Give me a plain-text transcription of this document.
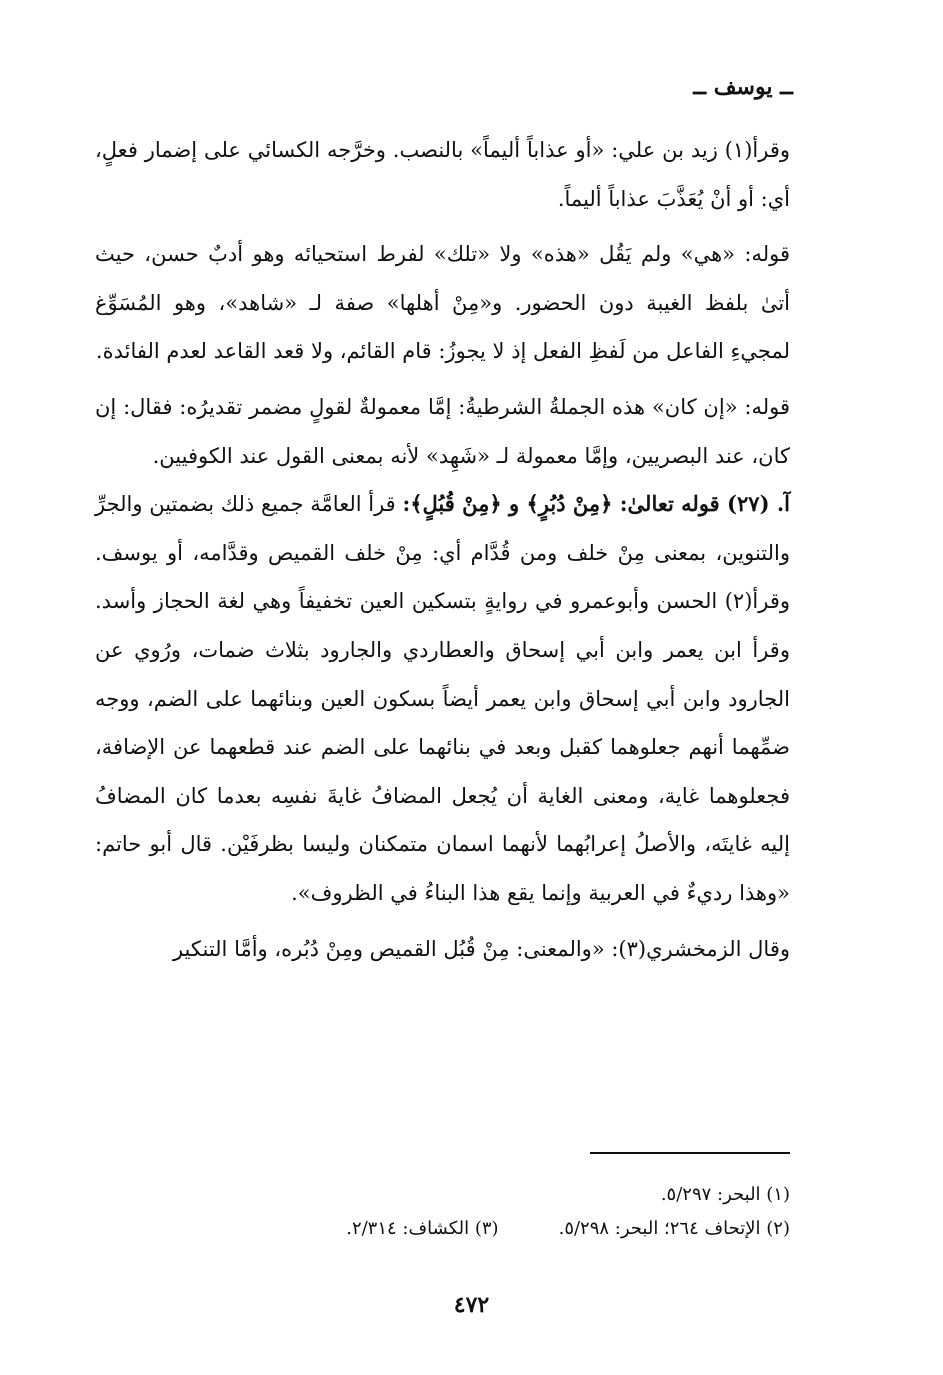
ــ يوسف ــ

وقرأ(١) زيد بن علي: «أو عذاباً أليماً» بالنصب. وخرَّجه الكسائي على إضمار فعلٍ، أي: أو أنْ يُعَذَّبَ عذاباً أليماً.

قوله: «هي» ولم يَقُل «هذه» ولا «تلك» لفرط استحيائه وهو أدبٌ حسن، حيث أتىٰ بلفظ الغيبة دون الحضور. و«مِنْ أهلها» صفة لـ «شاهد»، وهو المُسَوِّغ لمجيءِ الفاعل من لَفظِ الفعل إذ لا يجوزُ: قام القائم، ولا قعد القاعد لعدم الفائدة.

قوله: «إن كان» هذه الجملةُ الشرطيةُ: إمَّا معمولةٌ لقولٍ مضمر تقديرُه: فقال: إن كان، عند البصريين، وإمَّا معمولة لـ «شَهِد» لأنه بمعنى القول عند الكوفيين.

آ. (٢٧) قوله تعالىٰ: ﴿مِنْ دُبُرٍ﴾ و ﴿مِنْ قُبُلٍ﴾: قرأ العامَّة جميع ذلك بضمتين والجرِّ والتنوين، بمعنى مِنْ خلف ومن قُدَّام أي: مِنْ خلف القميص وقدَّامه، أو يوسف. وقرأ(٢) الحسن وأبوعمرو في روايةٍ بتسكين العين تخفيفاً وهي لغة الحجاز وأسد. وقرأ ابن يعمر وابن أبي إسحاق والعطاردي والجارود بثلاث ضمات، ورُوي عن الجارود وابن أبي إسحاق وابن يعمر أيضاً بسكون العين وبنائهما على الضم، ووجه ضمِّهما أنهم جعلوهما كقبل وبعد في بنائهما على الضم عند قطعهما عن الإضافة، فجعلوهما غاية، ومعنى الغاية أن يُجعل المضافُ غايةَ نفسِه بعدما كان المضافُ إليه غايتَه، والأصلُ إعرابُهما لأنهما اسمان متمكنان وليسا بظرفَيْن. قال أبو حاتم: «وهذا رديءٌ في العربية وإنما يقع هذا البناءُ في الظروف».

وقال الزمخشري(٣): «والمعنى: مِنْ قُبُل القميص ومِنْ دُبُره، وأمَّا التنكير

(١) البحر: ٥/٢٩٧.
(٢) الإتحاف ٢٦٤؛ البحر: ٥/٢٩٨.(٣) الكشاف: ٢/٣١٤.
٤٧٢
